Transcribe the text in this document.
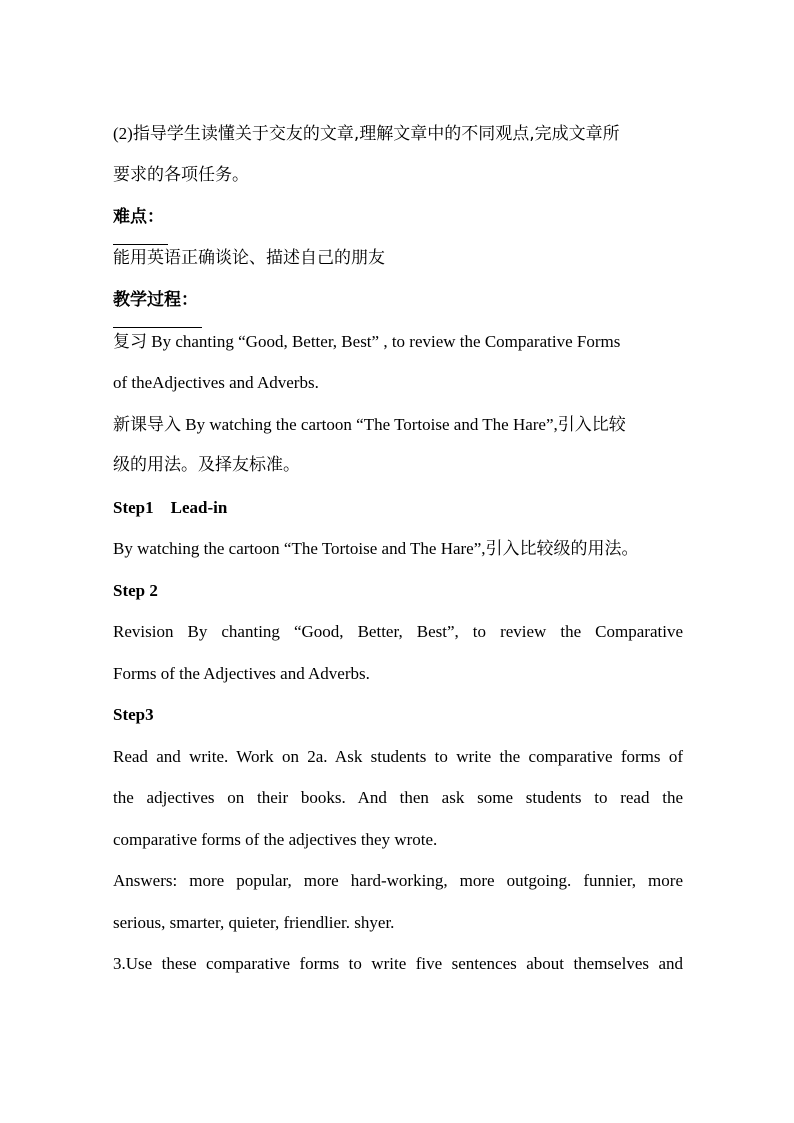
(2)指导学生读懂关于交友的文章,理解文章中的不同观点,完成文章所
要求的各项任务。
难点：
能用英语正确谈论、描述自己的朋友
教学过程：
复习 By chanting “Good, Better, Best” , to review the Comparative Forms
of theAdjectives and Adverbs.
新课导入 By watching the cartoon “The Tortoise and The Hare”,引入比较
级的用法。及择友标准。
Step1    Lead-in
By watching the cartoon “The Tortoise and The Hare”,引入比较级的用法。
Step 2
Revision By chanting “Good, Better, Best”, to review the Comparative
Forms of the Adjectives and Adverbs.
Step3
Read and write. Work on 2a. Ask students to write the comparative forms of
the adjectives on their books. And then ask some students to read the
comparative forms of the adjectives they wrote.
Answers: more popular, more hard-working, more outgoing. funnier, more
serious, smarter, quieter, friendlier. shyer.
3.Use these comparative forms to write five sentences about themselves and
